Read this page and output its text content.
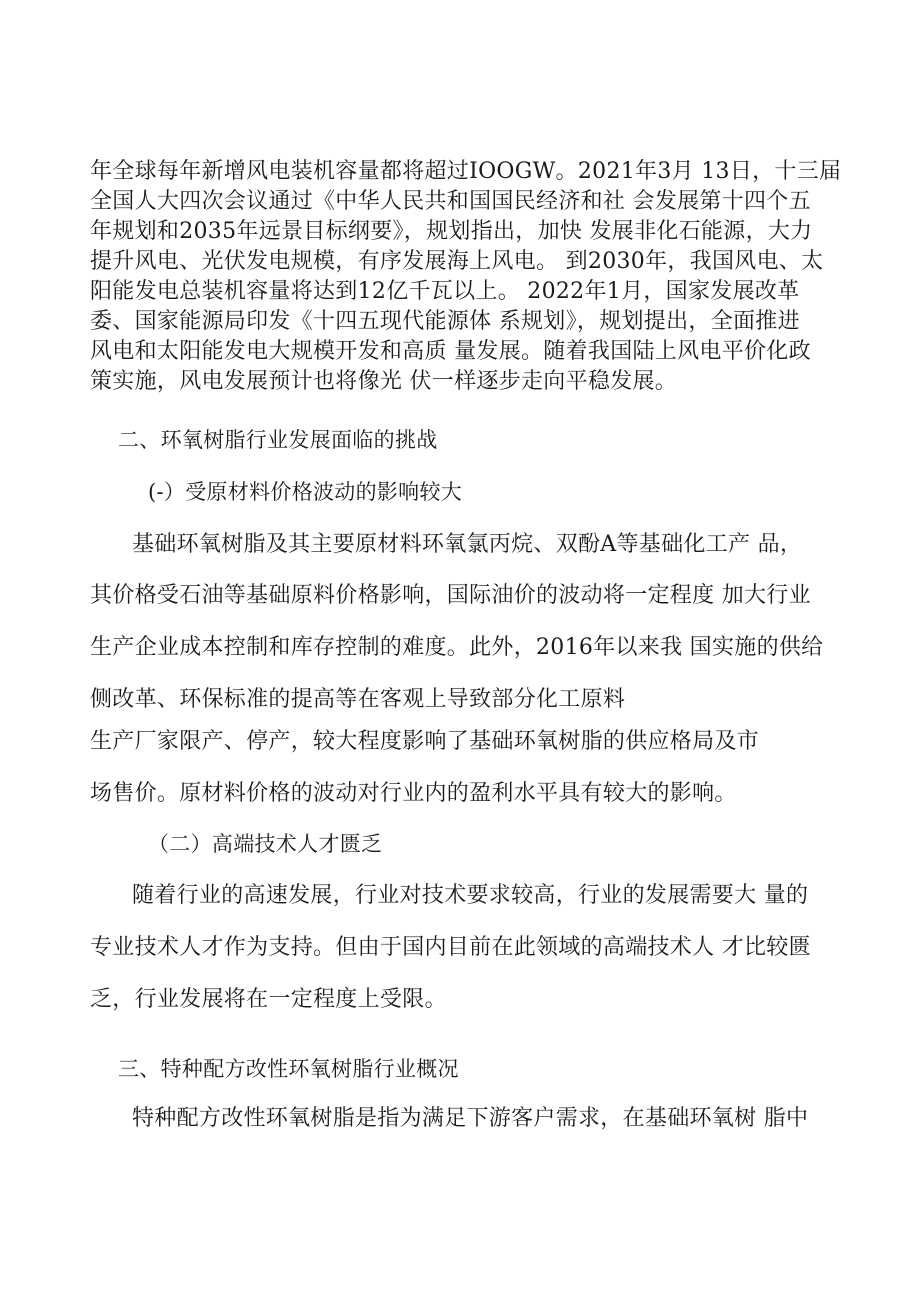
年全球每年新增风电装机容量都将超过IOOGW。2021年3月 13日，十三届
全国人大四次会议通过《中华人民共和国国民经济和社 会发展第十四个五
年规划和2035年远景目标纲要》，规划指出，加快 发展非化石能源，大力
提升风电、光伏发电规模，有序发展海上风电。 到2030年，我国风电、太
阳能发电总装机容量将达到12亿千瓦以上。 2022年1月，国家发展改革
委、国家能源局印发《十四五现代能源体 系规划》，规划提出，全面推进
风电和太阳能发电大规模开发和高质 量发展。随着我国陆上风电平价化政
策实施，风电发展预计也将像光 伏一样逐步走向平稳发展。
二、环氧树脂行业发展面临的挑战
(-）受原材料价格波动的影响较大
基础环氧树脂及其主要原材料环氧氯丙烷、双酚A等基础化工产 品，
其价格受石油等基础原料价格影响，国际油价的波动将一定程度 加大行业
生产企业成本控制和库存控制的难度。此外，2016年以来我 国实施的供给
侧改革、环保标准的提高等在客观上导致部分化工原料
生产厂家限产、停产，较大程度影响了基础环氧树脂的供应格局及市
场售价。原材料价格的波动对行业内的盈利水平具有较大的影响。
（二）高端技术人才匮乏
随着行业的高速发展，行业对技术要求较高，行业的发展需要大 量的
专业技术人才作为支持。但由于国内目前在此领域的高端技术人 才比较匮
乏，行业发展将在一定程度上受限。
三、特种配方改性环氧树脂行业概况
特种配方改性环氧树脂是指为满足下游客户需求，在基础环氧树 脂中
